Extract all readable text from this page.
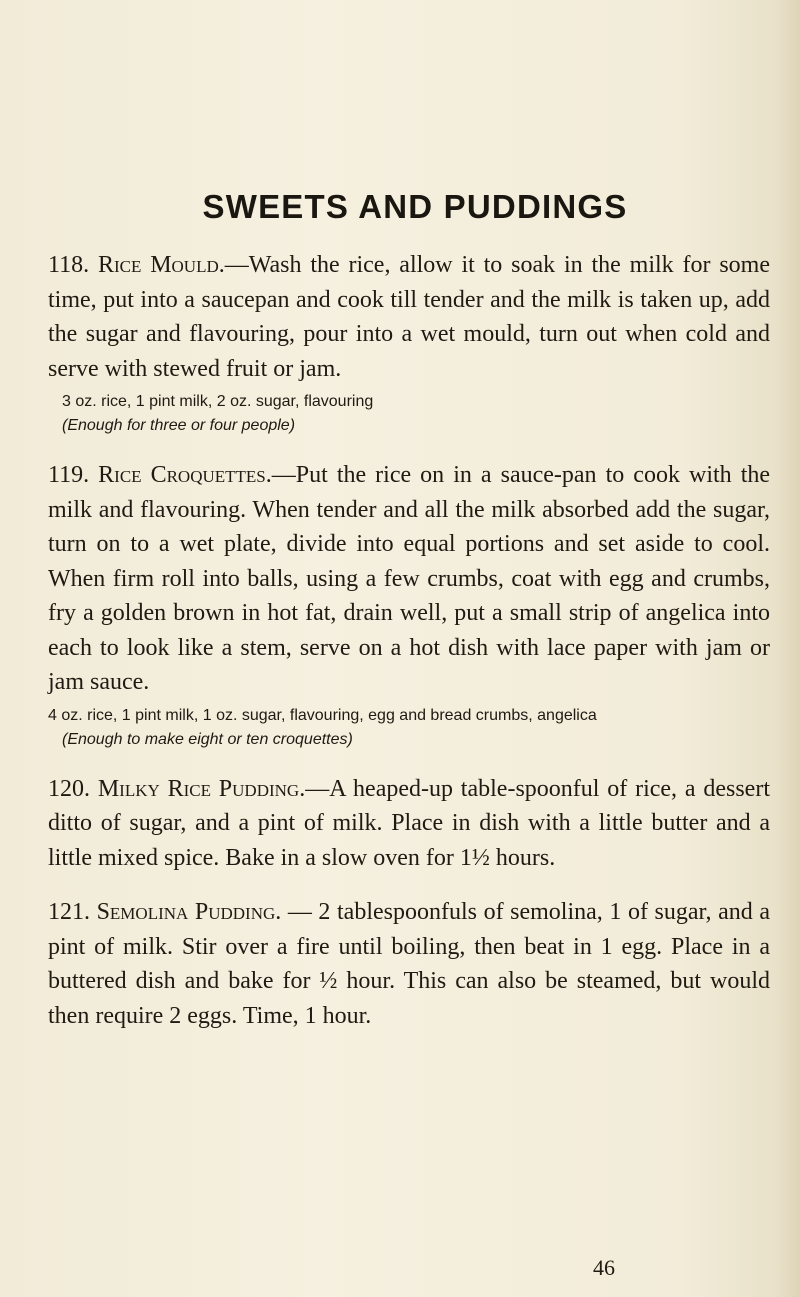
SWEETS AND PUDDINGS

118. Rice Mould.—Wash the rice, allow it to soak in the milk for some time, put into a saucepan and cook till tender and the milk is taken up, add the sugar and flavouring, pour into a wet mould, turn out when cold and serve with stewed fruit or jam.

3 oz. rice, 1 pint milk, 2 oz. sugar, flavouring

(Enough for three or four people)

119. Rice Croquettes.—Put the rice on in a sauce-pan to cook with the milk and flavouring. When tender and all the milk absorbed add the sugar, turn on to a wet plate, divide into equal portions and set aside to cool. When firm roll into balls, using a few crumbs, coat with egg and crumbs, fry a golden brown in hot fat, drain well, put a small strip of angelica into each to look like a stem, serve on a hot dish with lace paper with jam or jam sauce.

4 oz. rice, 1 pint milk, 1 oz. sugar, flavouring, egg and bread crumbs, angelica

(Enough to make eight or ten croquettes)

120. Milky Rice Pudding.—A heaped-up table-spoonful of rice, a dessert ditto of sugar, and a pint of milk. Place in dish with a little butter and a little mixed spice. Bake in a slow oven for 1½ hours.

121. Semolina Pudding. — 2 tablespoonfuls of semolina, 1 of sugar, and a pint of milk. Stir over a fire until boiling, then beat in 1 egg. Place in a buttered dish and bake for ½ hour. This can also be steamed, but would then require 2 eggs. Time, 1 hour.

46
